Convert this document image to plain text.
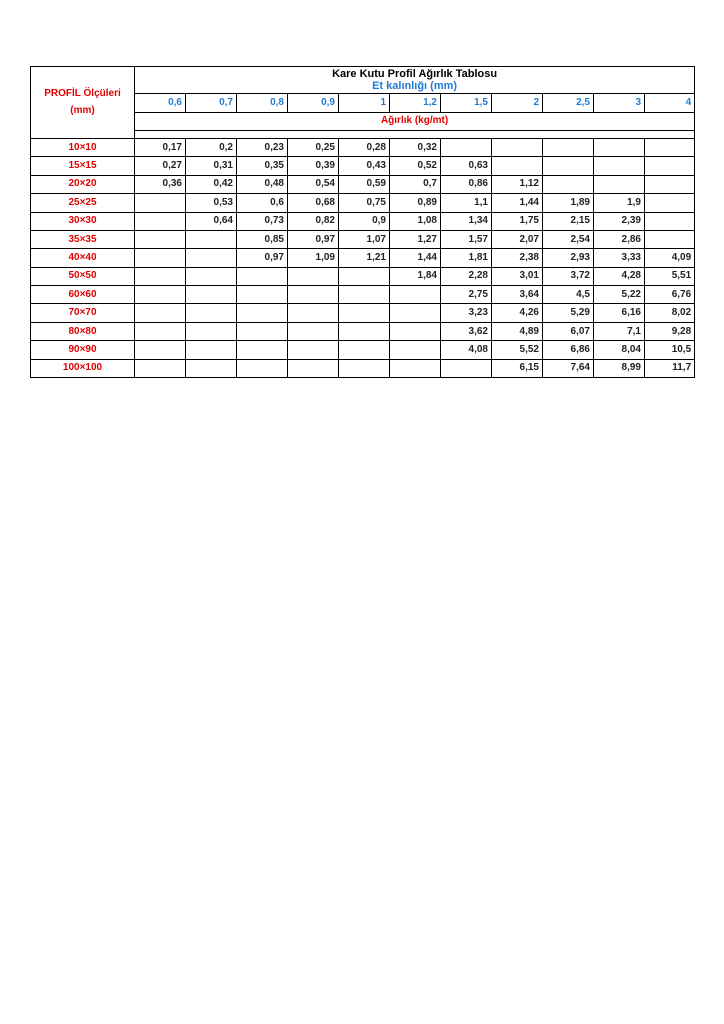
PROFİL Ölçüleri
(mm)	Kare Kutu Profil Ağırlık Tablosu
Et kalınlığı (mm)										

	0,6	0,7	0,8	0,9	1	1,2	1,5	2	2,5	3	4
	Ağırlık (kg/mt)										

10×10	0,17	0,2	0,23	0,25	0,28	0,32					
15×15	0,27	0,31	0,35	0,39	0,43	0,52	0,63				
20×20	0,36	0,42	0,48	0,54	0,59	0,7	0,86	1,12			
25×25		0,53	0,6	0,68	0,75	0,89	1,1	1,44	1,89	1,9	
30×30		0,64	0,73	0,82	0,9	1,08	1,34	1,75	2,15	2,39	
35×35			0,85	0,97	1,07	1,27	1,57	2,07	2,54	2,86	
40×40			0,97	1,09	1,21	1,44	1,81	2,38	2,93	3,33	4,09
50×50						1,84	2,28	3,01	3,72	4,28	5,51
60×60							2,75	3,64	4,5	5,22	6,76
70×70							3,23	4,26	5,29	6,16	8,02
80×80							3,62	4,89	6,07	7,1	9,28
90×90							4,08	5,52	6,86	8,04	10,5
100×100								6,15	7,64	8,99	11,7
